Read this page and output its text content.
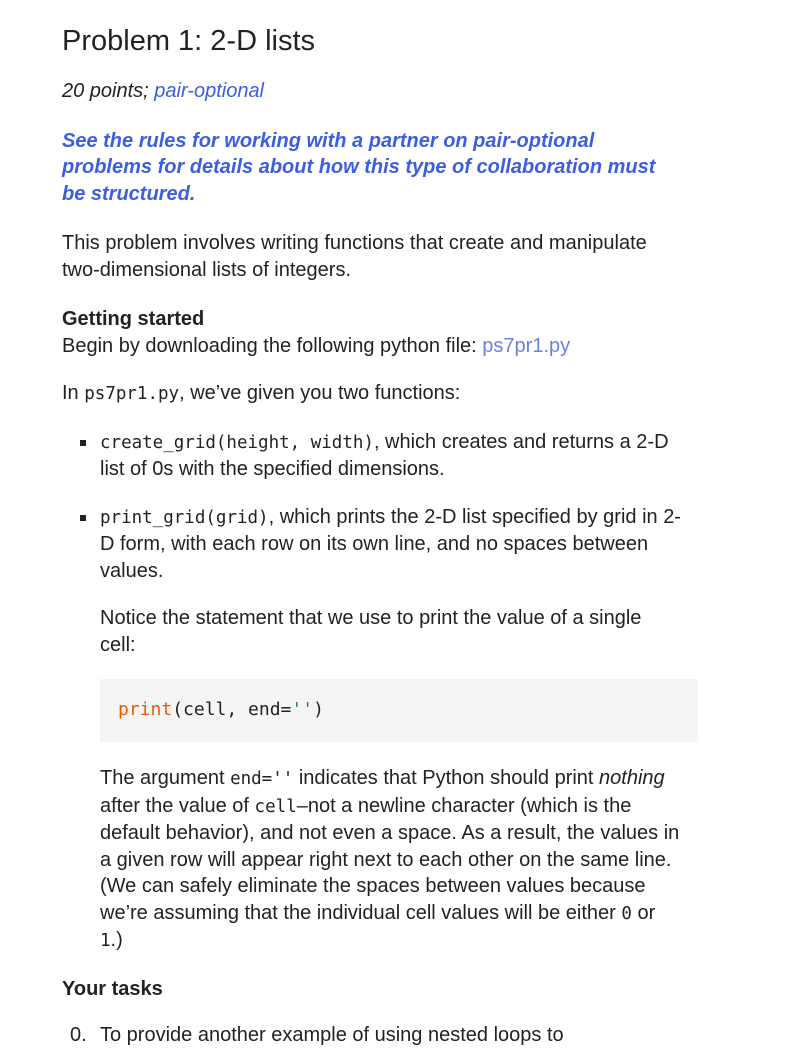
Problem 1: 2-D lists

20 points; pair-optional

See the rules for working with a partner on pair-optional problems for details about how this type of collaboration must be structured.

This problem involves writing functions that create and manipulate two-dimensional lists of integers.

Getting started
Begin by downloading the following python file: ps7pr1.py

In ps7pr1.py, we’ve given you two functions:

create_grid(height, width), which creates and returns a 2-D list of 0s with the specified dimensions.
print_grid(grid), which prints the 2-D list specified by grid in 2-D form, with each row on its own line, and no spaces between values.

Notice the statement that we use to print the value of a single cell:

print (cell, end= '' )

The argument end='' indicates that Python should print nothing after the value of cell–not a newline character (which is the default behavior), and not even a space. As a result, the values in a given row will appear right next to each other on the same line. (We can safely eliminate the spaces between values because we’re assuming that the individual cell values will be either 0 or 1.)

Your tasks
0. To provide another example of using nested loops to
